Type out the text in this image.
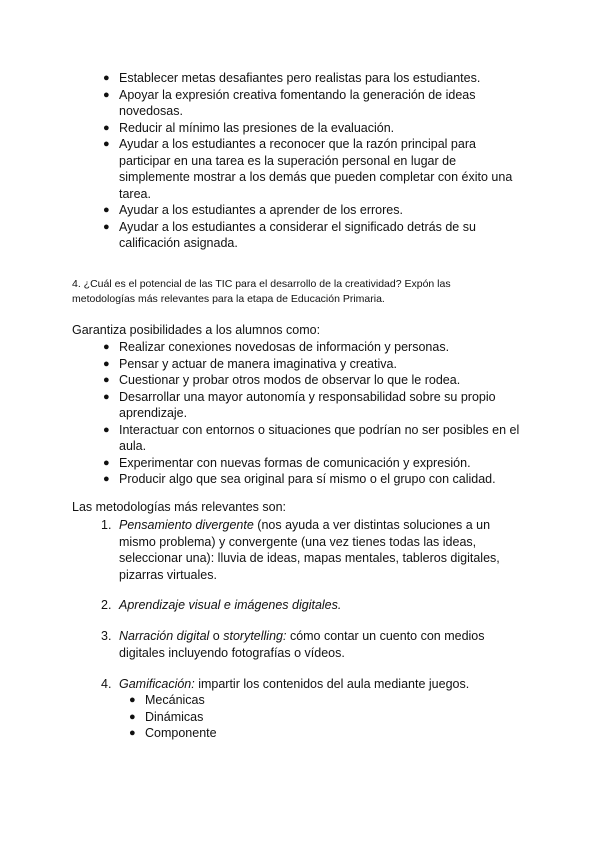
● Establecer metas desafiantes pero realistas para los estudiantes.
● Apoyar la expresión creativa fomentando la generación de ideas novedosas.
● Reducir al mínimo las presiones de la evaluación.
● Ayudar a los estudiantes a reconocer que la razón principal para participar en una tarea es la superación personal en lugar de simplemente mostrar a los demás que pueden completar con éxito una tarea.
● Ayudar a los estudiantes a aprender de los errores.
● Ayudar a los estudiantes a considerar el significado detrás de su calificación asignada.

4. ¿Cuál es el potencial de las TIC para el desarrollo de la creatividad? Expón las metodologías más relevantes para la etapa de Educación Primaria.

Garantiza posibilidades a los alumnos como:

● Realizar conexiones novedosas de información y personas.
● Pensar y actuar de manera imaginativa y creativa.
● Cuestionar y probar otros modos de observar lo que le rodea.
● Desarrollar una mayor autonomía y responsabilidad sobre su propio aprendizaje.
● Interactuar con entornos o situaciones que podrían no ser posibles en el aula.
● Experimentar con nuevas formas de comunicación y expresión.
● Producir algo que sea original para sí mismo o el grupo con calidad.

Las metodologías más relevantes son:

1. Pensamiento divergente (nos ayuda a ver distintas soluciones a un mismo problema) y convergente (una vez tienes todas las ideas, seleccionar una): lluvia de ideas, mapas mentales, tableros digitales, pizarras virtuales.
2. Aprendizaje visual e imágenes digitales.
3. Narración digital o storytelling: cómo contar un cuento con medios digitales incluyendo fotografías o vídeos.
4. Gamificación: impartir los contenidos del aula mediante juegos.
● Mecánicas
● Dinámicas
● Componente
